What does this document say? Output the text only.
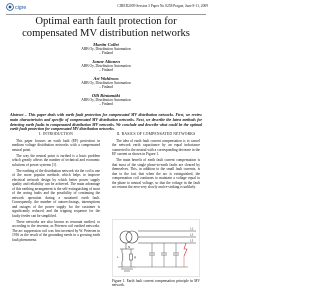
cigre	CIRED2009 Session 3 Paper No 0258 Prague, June 8-11, 2009
Optimal earth fault protection for compensated MV distribution networks
Martin Collet
ABB Oy, Distribution Automation
– Finland
Janne Altonen
ABB Oy, Distribution Automation
– Finland
Ari Wahlroos
ABB Oy, Distribution Automation
– Finland
Olli Rintamäki
ABB Oy, Distribution Automation
– Finland
Abstract – This paper deals with earth fault protection for compensated MV distribution networks. First, we review main characteristics and specific of compensated MV distribution networks. Next, we describe the latest methods for detecting earth faults in compensated distribution MV networks. We conclude and describe what could be the optimal earth fault protection for compensated MV distribution networks.
I. INTRODUCTION

This paper focuses on earth fault (EF) protection in medium voltage distribution networks with a compensated neutral point.

The way the neutral point is earthed is a basic problem which greatly affects the number of technical and economic solutions of power systems [1].

The earthing of the distribution network via the coil is one of the more popular methods which helps to improve electrical network design by which better power supply quality and reliability can be achieved. The main advantage of this earthing arrangement is the self-extinguishing of most of the arcing faults and the possibility of continuing the network operation during a sustained earth fault. Consequently, the number of autoreclosings, interruptions and outages of the power supply for the customer is significantly reduced, and the tripping sequence for the faulty feeder can be simplified.

These networks are also known as resonant earthed, or according to the inventor, as Petersen coil earthed networks. The arc suppression coil was first invented by W. Petersen in 1916 as the result of the grounding needs in a growing earth fault phenomena.

II. BASICS OF COMPENSATED NETWORKS

The idea of earth fault current compensation is to cancel the network earth capacitance by an equal inductance connected to the neutral with a corresponding decrease in the EF current as shown in Figure 1.

The main benefit of earth fault current compensation is that most of the single phase-to-earth faults are cleared by themselves. This, in addition to the small fault currents, is due to the fact that when the arc is extinguished, the compensation coil continues to maintain a voltage equal to the phase to neutral voltage, so that the voltage in the fault arc returns the zero very slowly and re-striking is unlikely.

L1
L2
L3
N
L	R
Figure 1. Earth fault current compensation principle in MV network.
